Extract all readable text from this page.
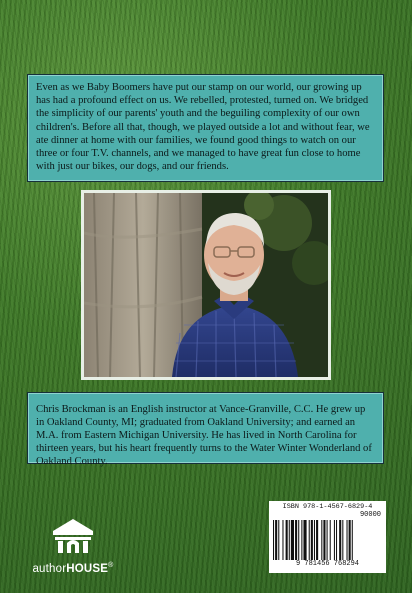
Even as we Baby Boomers have put our stamp on our world, our growing up has had a profound effect on us. We rebelled, protested, turned on. We bridged the simplicity of our parents' youth and the beguiling complexity of our own children's. Before all that, though, we played outside a lot and without fear, we ate dinner at home with our families, we found good things to watch on our three or four T.V. channels, and we managed to have great fun close to home with just our bikes, our dogs, and our friends.
Chris Brockman is an English instructor at Vance-Granville, C.C. He grew up in Oakland County, MI; graduated from Oakland University; and earned an M.A. from Eastern Michigan University. He has lived in North Carolina for thirteen years, but his heart frequently turns to the Water Winter Wonderland of Oakland County.
authorHOUSE®
ISBN 978-1-4567-6829-4
90000
9 781456 768294
